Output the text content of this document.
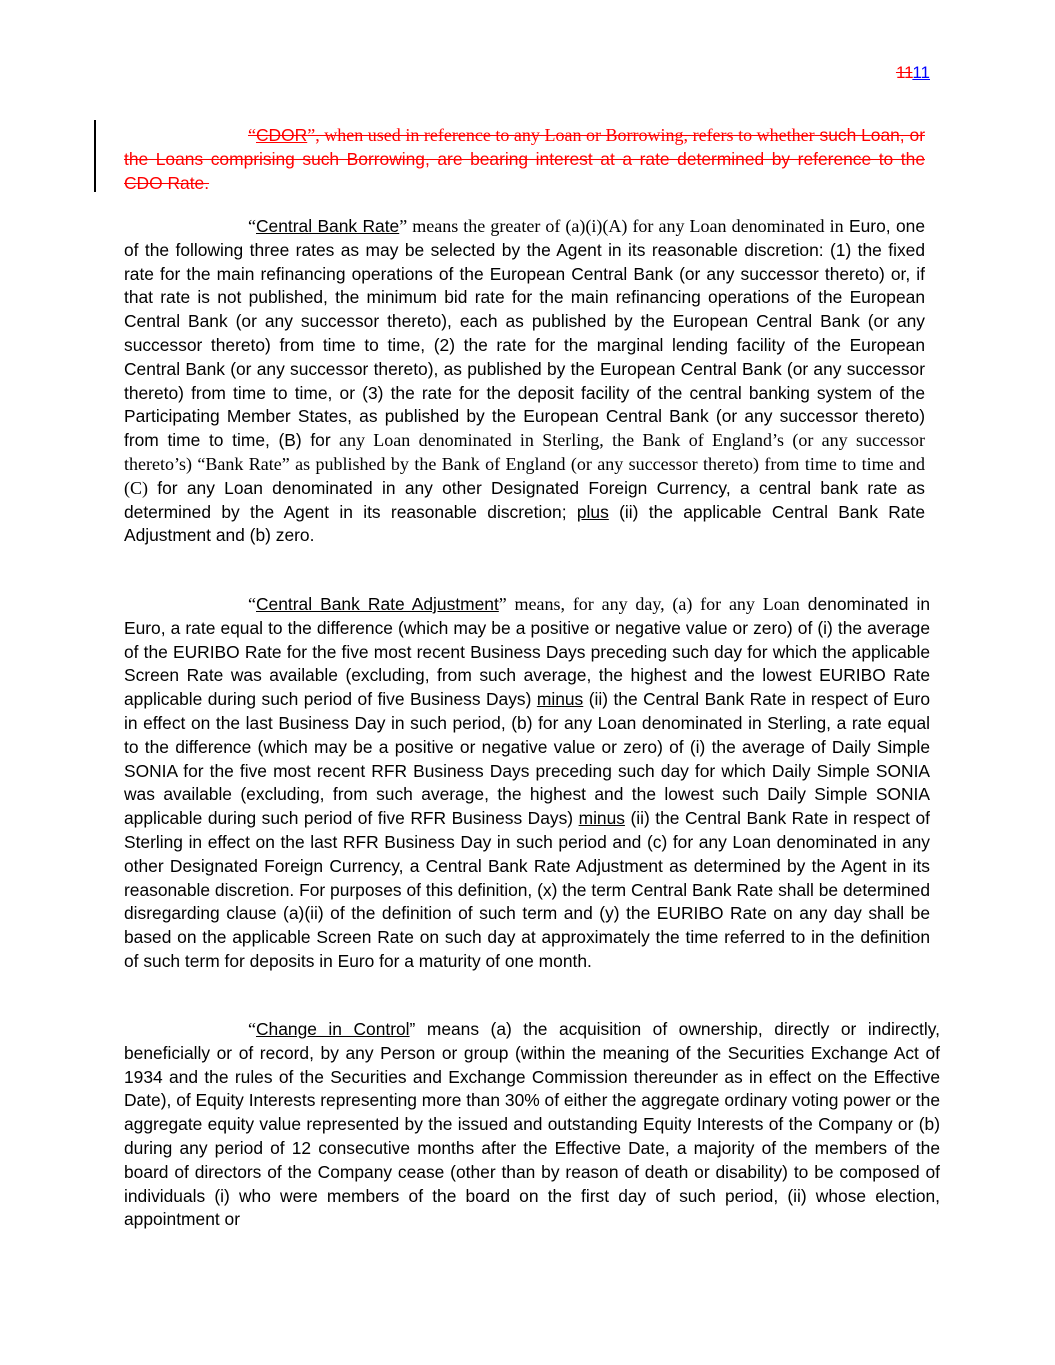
1111
“CDOR”, when used in reference to any Loan or Borrowing, refers to whether such Loan, or the Loans comprising such Borrowing, are bearing interest at a rate determined by reference to the CDO Rate.
“Central Bank Rate” means the greater of (a)(i)(A) for any Loan denominated in Euro, one of the following three rates as may be selected by the Agent in its reasonable discretion: (1) the fixed rate for the main refinancing operations of the European Central Bank (or any successor thereto) or, if that rate is not published, the minimum bid rate for the main refinancing operations of the European Central Bank (or any successor thereto), each as published by the European Central Bank (or any successor thereto) from time to time, (2) the rate for the marginal lending facility of the European Central Bank (or any successor thereto), as published by the European Central Bank (or any successor thereto) from time to time, or (3) the rate for the deposit facility of the central banking system of the Participating Member States, as published by the European Central Bank (or any successor thereto) from time to time, (B) for any Loan denominated in Sterling, the Bank of England’s (or any successor thereto’s) “Bank Rate” as published by the Bank of England (or any successor thereto) from time to time and (C) for any Loan denominated in any other Designated Foreign Currency, a central bank rate as determined by the Agent in its reasonable discretion; plus (ii) the applicable Central Bank Rate Adjustment and (b) zero.
“Central Bank Rate Adjustment” means, for any day, (a) for any Loan denominated in Euro, a rate equal to the difference (which may be a positive or negative value or zero) of (i) the average of the EURIBO Rate for the five most recent Business Days preceding such day for which the applicable Screen Rate was available (excluding, from such average, the highest and the lowest EURIBO Rate applicable during such period of five Business Days) minus (ii) the Central Bank Rate in respect of Euro in effect on the last Business Day in such period, (b) for any Loan denominated in Sterling, a rate equal to the difference (which may be a positive or negative value or zero) of (i) the average of Daily Simple SONIA for the five most recent RFR Business Days preceding such day for which Daily Simple SONIA was available (excluding, from such average, the highest and the lowest such Daily Simple SONIA applicable during such period of five RFR Business Days) minus (ii) the Central Bank Rate in respect of Sterling in effect on the last RFR Business Day in such period and (c) for any Loan denominated in any other Designated Foreign Currency, a Central Bank Rate Adjustment as determined by the Agent in its reasonable discretion. For purposes of this definition, (x) the term Central Bank Rate shall be determined disregarding clause (a)(ii) of the definition of such term and (y) the EURIBO Rate on any day shall be based on the applicable Screen Rate on such day at approximately the time referred to in the definition of such term for deposits in Euro for a maturity of one month.
“Change in Control” means (a) the acquisition of ownership, directly or indirectly, beneficially or of record, by any Person or group (within the meaning of the Securities Exchange Act of 1934 and the rules of the Securities and Exchange Commission thereunder as in effect on the Effective Date), of Equity Interests representing more than 30% of either the aggregate ordinary voting power or the aggregate equity value represented by the issued and outstanding Equity Interests of the Company or (b) during any period of 12 consecutive months after the Effective Date, a majority of the members of the board of directors of the Company cease (other than by reason of death or disability) to be composed of individuals (i) who were members of the board on the first day of such period, (ii) whose election, appointment or
